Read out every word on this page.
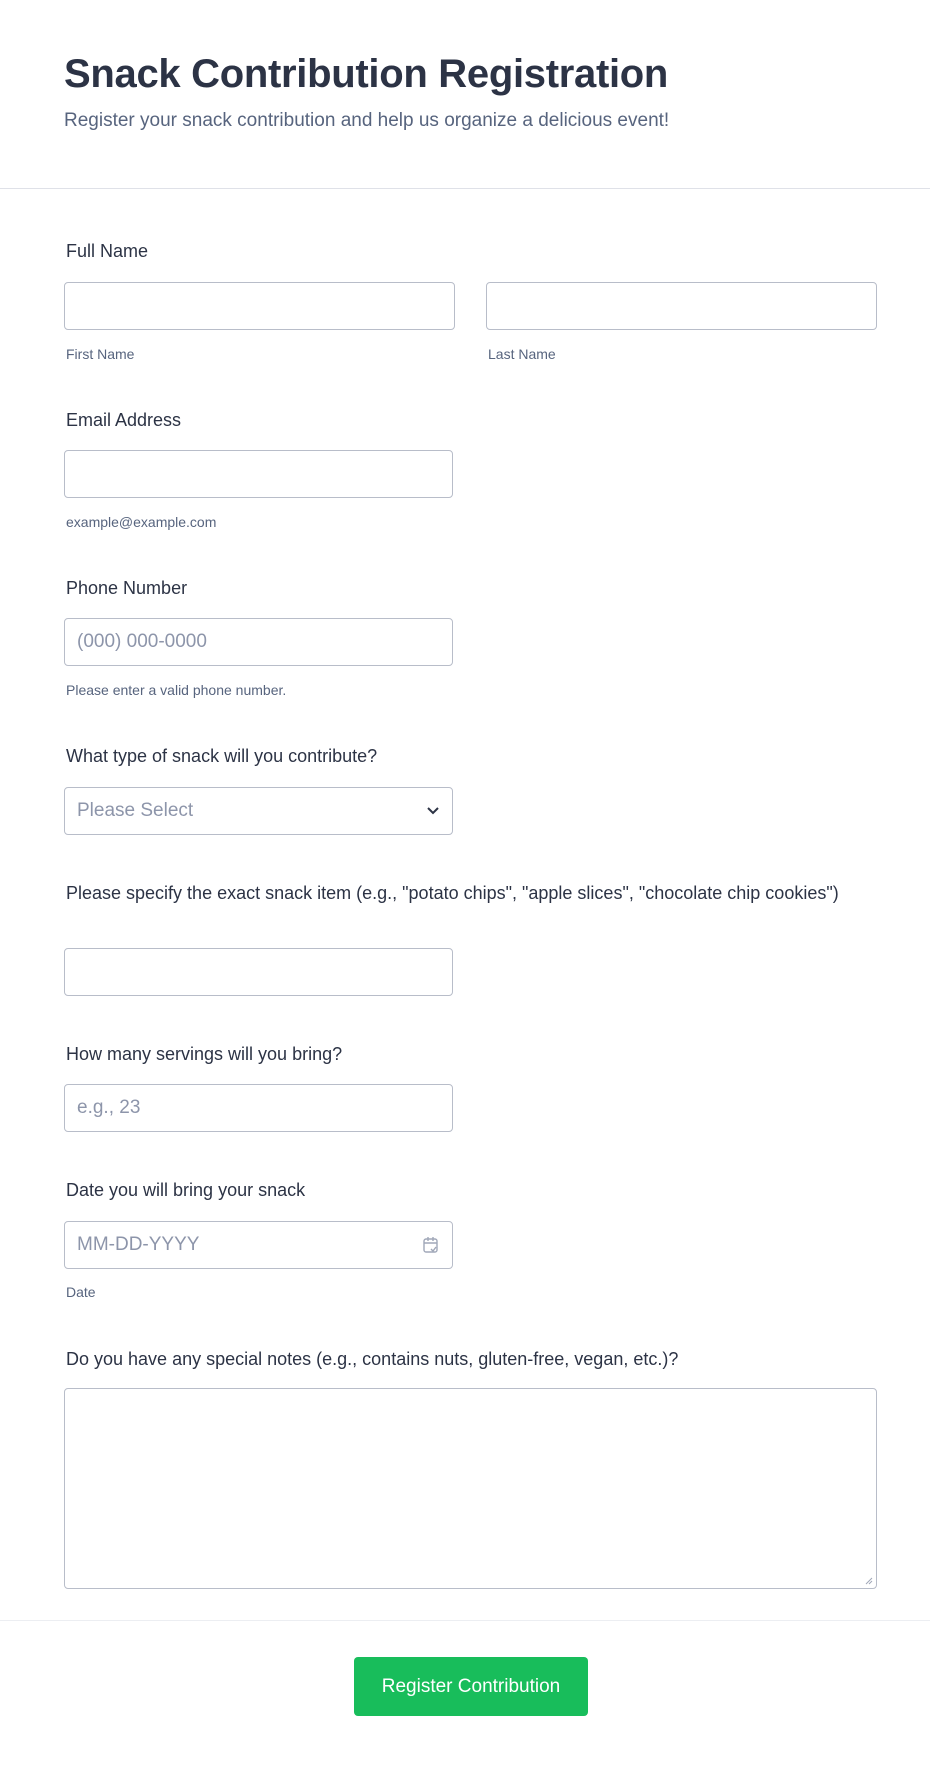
Snack Contribution Registration
Register your snack contribution and help us organize a delicious event!
Full Name
First Name	Last Name
Email Address
example@example.com
Phone Number
(000) 000-0000
Please enter a valid phone number.
What type of snack will you contribute?
Please Select
Please specify the exact snack item (e.g., "potato chips", "apple slices", "chocolate chip cookies")
How many servings will you bring?
e.g., 23
Date you will bring your snack
MM-DD-YYYY
Date
Do you have any special notes (e.g., contains nuts, gluten-free, vegan, etc.)?
Register Contribution
